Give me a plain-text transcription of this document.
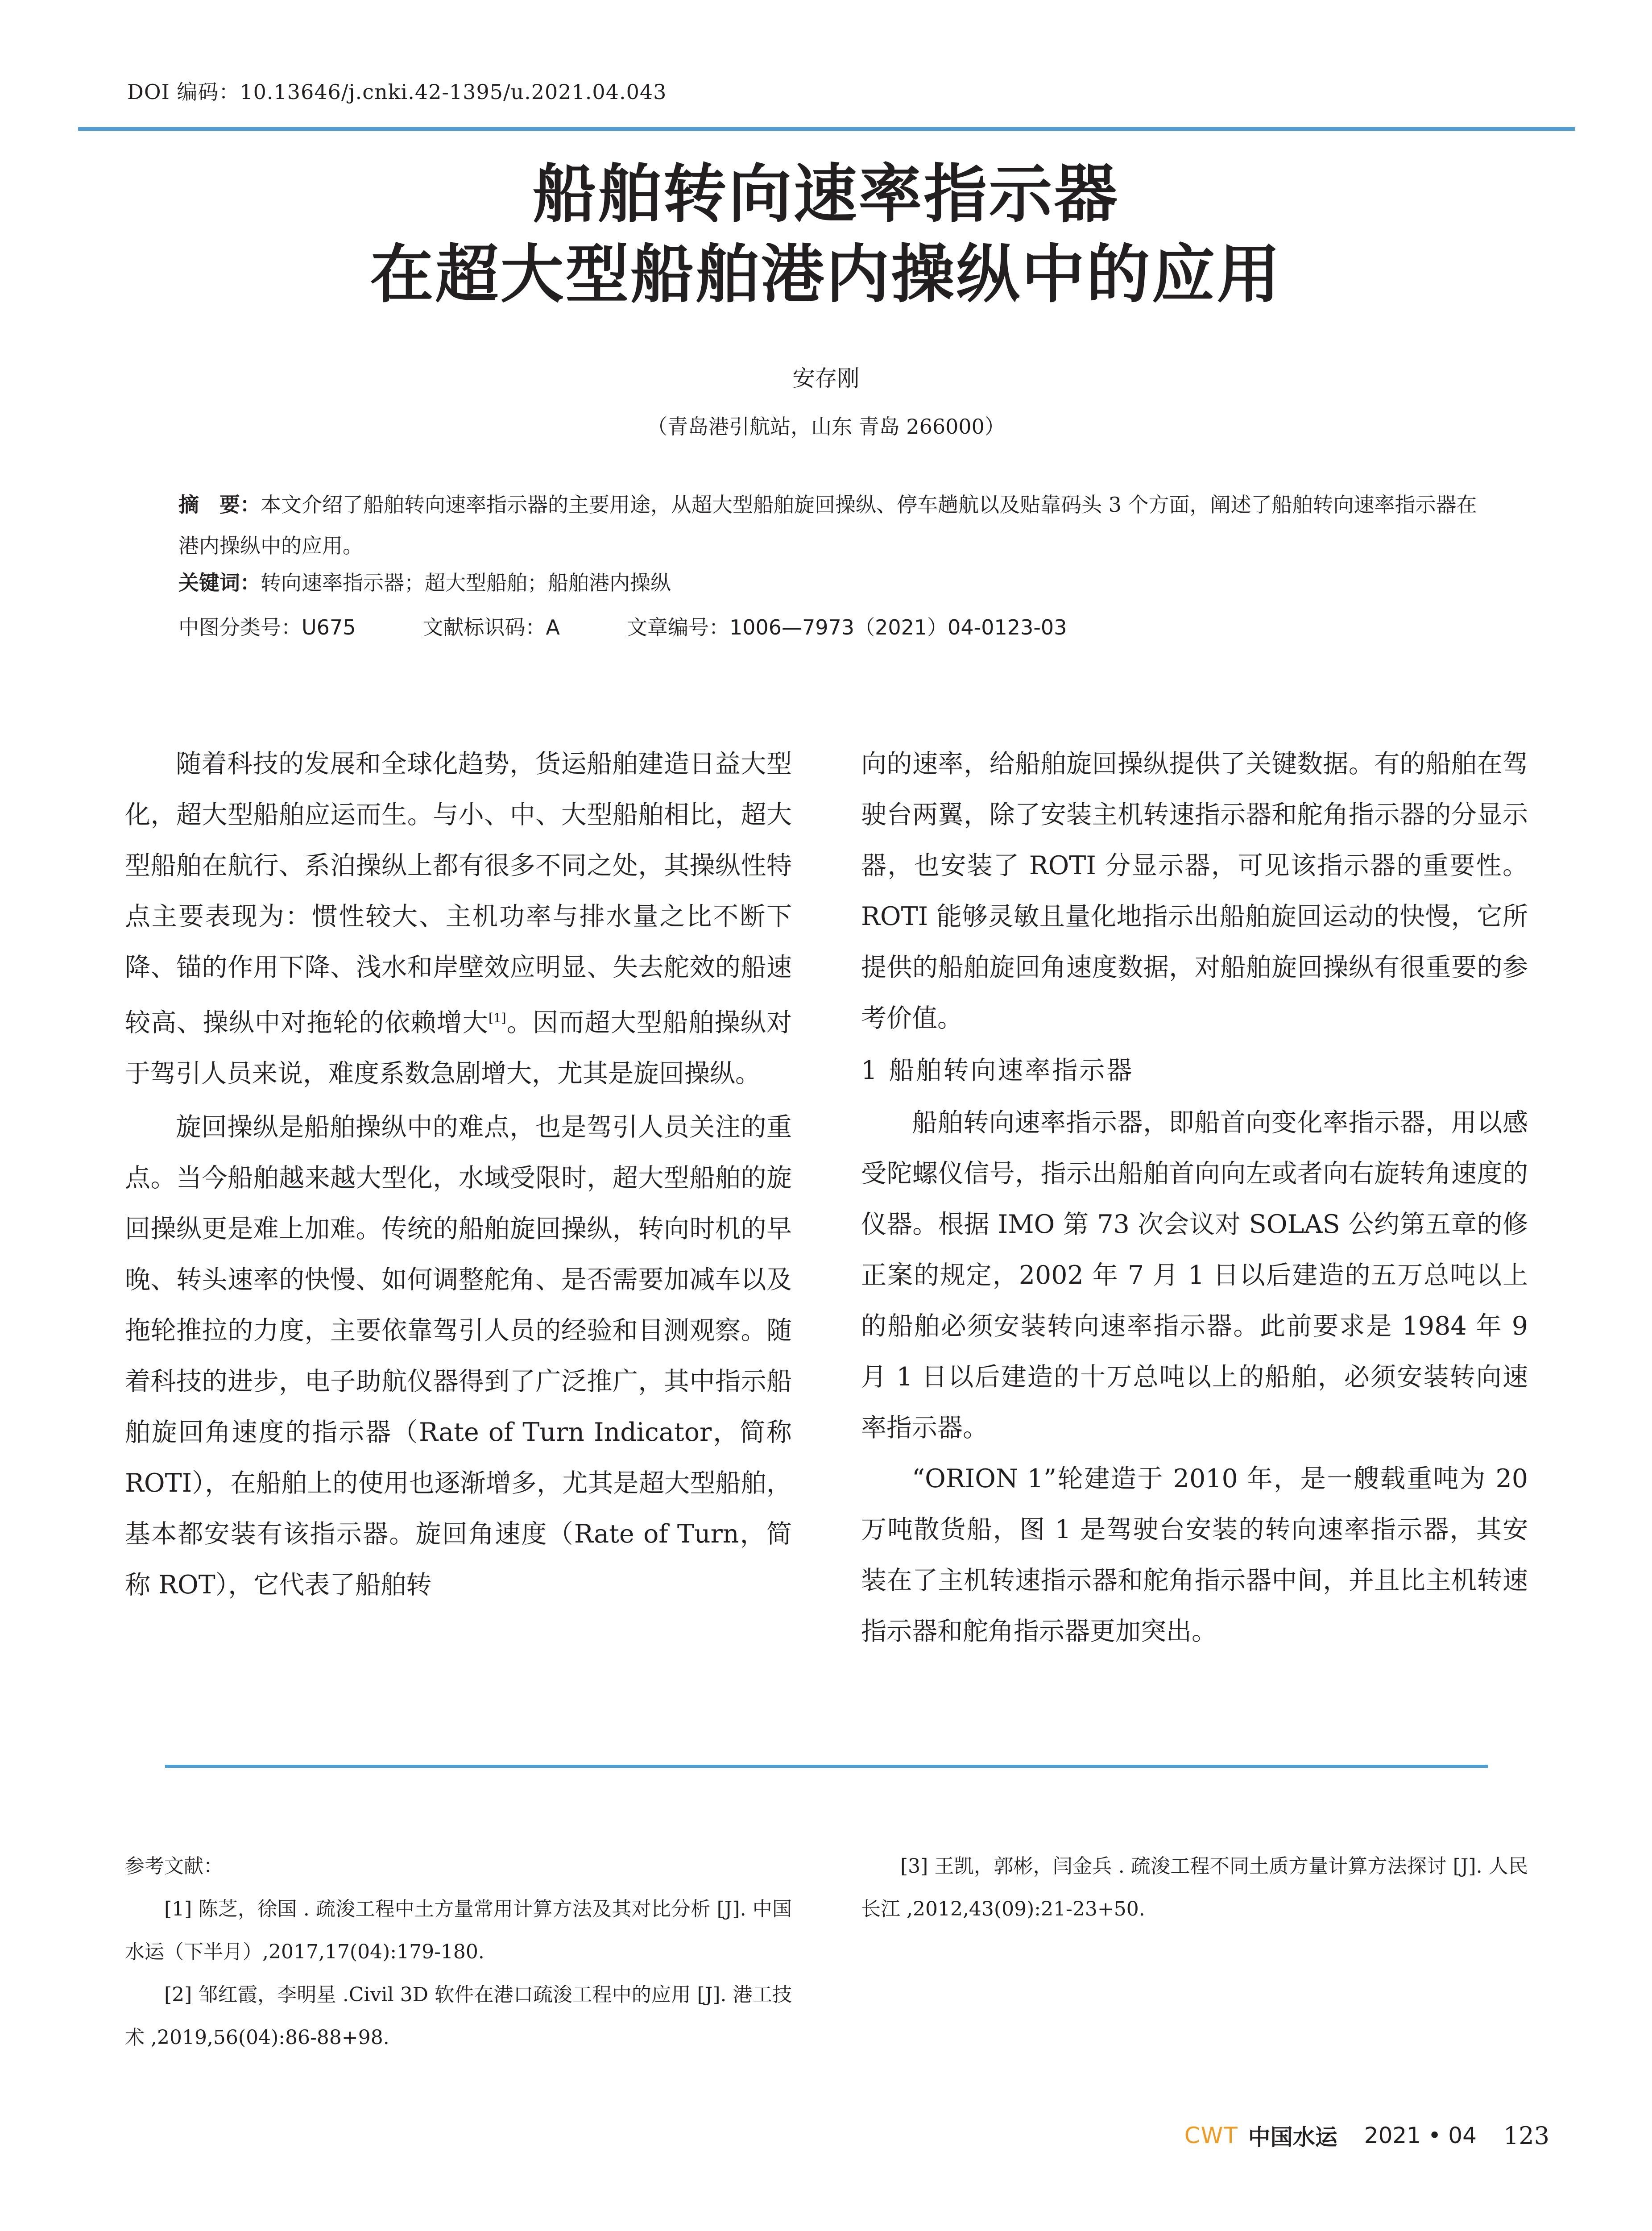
DOI 编码：10.13646/j.cnki.42-1395/u.2021.04.043
船舶转向速率指示器
在超大型船舶港内操纵中的应用
安存刚
（青岛港引航站，山东 青岛 266000）
摘　要：本文介绍了船舶转向速率指示器的主要用途，从超大型船舶旋回操纵、停车趟航以及贴靠码头 3 个方面，阐述了船舶转向速率指示器在港内操纵中的应用。
关键词：转向速率指示器；超大型船舶；船舶港内操纵
中图分类号：U675	文献标识码：A	文章编号：1006—7973（2021）04-0123-03

随着科技的发展和全球化趋势，货运船舶建造日益大型化，超大型船舶应运而生。与小、中、大型船舶相比，超大型船舶在航行、系泊操纵上都有很多不同之处，其操纵性特点主要表现为：惯性较大、主机功率与排水量之比不断下降、锚的作用下降、浅水和岸壁效应明显、失去舵效的船速较高、操纵中对拖轮的依赖增大[1]。因而超大型船舶操纵对于驾引人员来说，难度系数急剧增大，尤其是旋回操纵。

旋回操纵是船舶操纵中的难点，也是驾引人员关注的重点。当今船舶越来越大型化，水域受限时，超大型船舶的旋回操纵更是难上加难。传统的船舶旋回操纵，转向时机的早晚、转头速率的快慢、如何调整舵角、是否需要加减车以及拖轮推拉的力度，主要依靠驾引人员的经验和目测观察。随着科技的进步，电子助航仪器得到了广泛推广，其中指示船舶旋回角速度的指示器（Rate of Turn Indicator，简称 ROTI），在船舶上的使用也逐渐增多，尤其是超大型船舶，基本都安装有该指示器。旋回角速度（Rate of Turn，简称 ROT），它代表了船舶转

向的速率，给船舶旋回操纵提供了关键数据。有的船舶在驾驶台两翼，除了安装主机转速指示器和舵角指示器的分显示器，也安装了 ROTI 分显示器，可见该指示器的重要性。ROTI 能够灵敏且量化地指示出船舶旋回运动的快慢，它所提供的船舶旋回角速度数据，对船舶旋回操纵有很重要的参考价值。

1 船舶转向速率指示器

船舶转向速率指示器，即船首向变化率指示器，用以感受陀螺仪信号，指示出船舶首向向左或者向右旋转角速度的仪器。根据 IMO 第 73 次会议对 SOLAS 公约第五章的修正案的规定，2002 年 7 月 1 日以后建造的五万总吨以上的船舶必须安装转向速率指示器。此前要求是 1984 年 9 月 1 日以后建造的十万总吨以上的船舶，必须安装转向速率指示器。

“ORION 1”轮建造于 2010 年，是一艘载重吨为 20 万吨散货船，图 1 是驾驶台安装的转向速率指示器，其安装在了主机转速指示器和舵角指示器中间，并且比主机转速指示器和舵角指示器更加突出。

参考文献：

[1] 陈芝，徐国 . 疏浚工程中土方量常用计算方法及其对比分析 [J]. 中国水运（下半月）,2017,17(04):179-180.

[2] 邹红霞，李明星 .Civil 3D 软件在港口疏浚工程中的应用 [J]. 港工技术 ,2019,56(04):86-88+98.

[3] 王凯，郭彬，闫金兵 . 疏浚工程不同土质方量计算方法探讨 [J]. 人民长江 ,2012,43(09):21-23+50.

CWT 中国水运 2021 • 04 123
